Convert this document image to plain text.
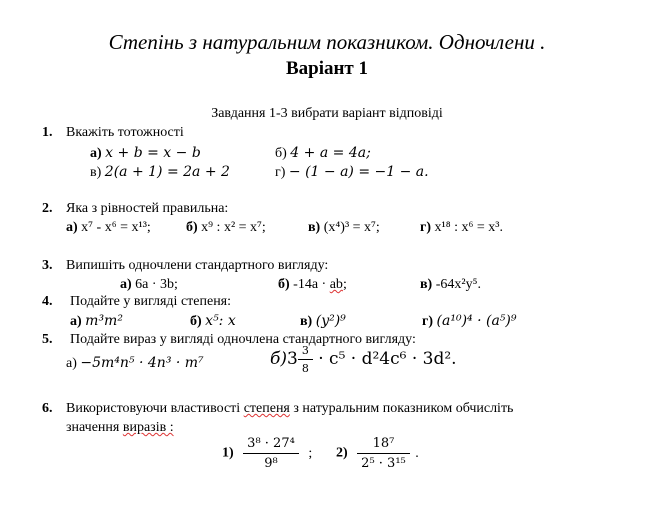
Степінь з натуральним показником. Одночлени .
Варіант 1
Завдання 1-3 вибрати варіант відповіді
1. Вкажіть тотожності
а) x + b = x − b	б) 4 + a = 4a;
в) 2(a + 1) = 2a + 2	г) − (1 − a) = −1 − a.
2. Яка з рівностей правильна:
а) x⁷ - x⁶ = x¹³;	б) x⁹ : x² = x⁷;	в) (x⁴)³ = x⁷;	г) x¹⁸ : x⁶ = x³.
3. Випишіть одночлени стандартного вигляду:
а) 6a · 3b;	б) -14a · ab;	в) -64x²y⁵.
4. Подайте у вигляді степеня:
а) m³m²	б) x⁵: x	в) (y²)⁹	г) (a¹⁰)⁴ · (a⁵)⁹
5. Подайте вираз у вигляді одночлена стандартного вигляду:
а) −5m⁴n⁵ · 4n³ · m⁷	$б)3 \frac{3}{8} \cdot c^5 \cdot d^24c^6 \cdot 3d^2$.
6. Використовуючи властивості степеня з натуральним показником обчисліть
значення виразів :
$1) \frac{\text{3⁸ · 27⁴}}{\text{9⁸}}$ ; $2) \frac{\text{18⁷}}{\text{2⁵ · 3¹⁵}}$ .
